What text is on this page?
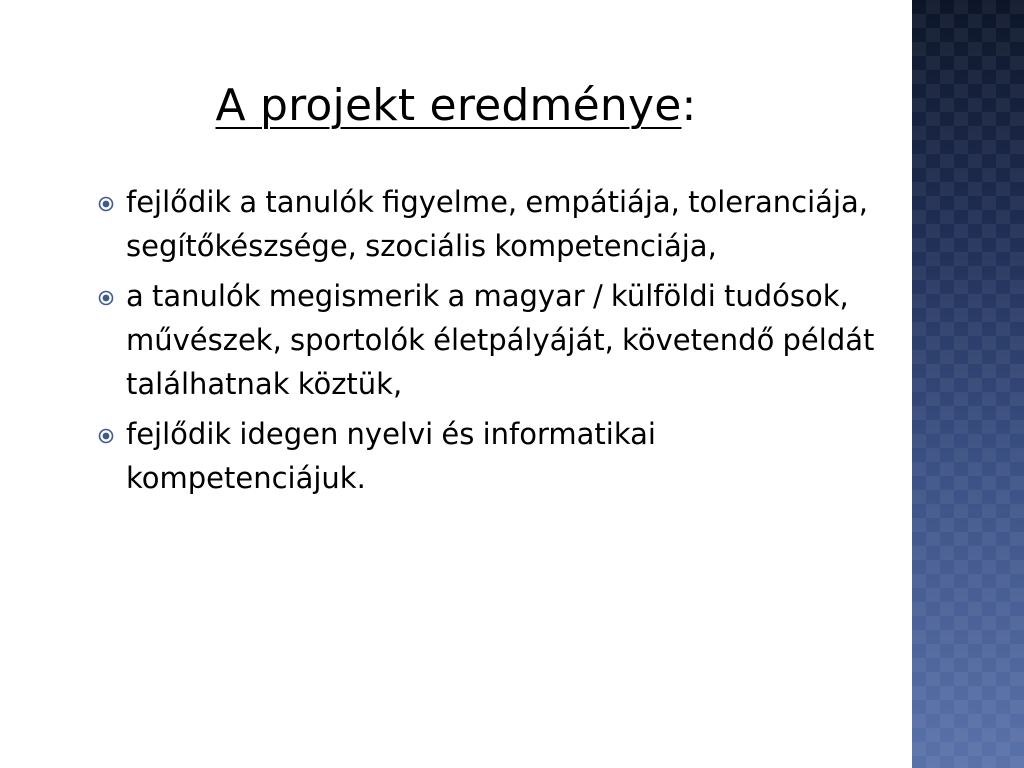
A projekt eredménye:
fejlődik a tanulók figyelme, empátiája, toleranciája, segítőkészsége, szociális kompetenciája,
a tanulók megismerik a magyar / külföldi tudósok, művészek, sportolók életpályáját, követendő példát találhatnak köztük,
fejlődik idegen nyelvi és informatikai kompetenciájuk.
